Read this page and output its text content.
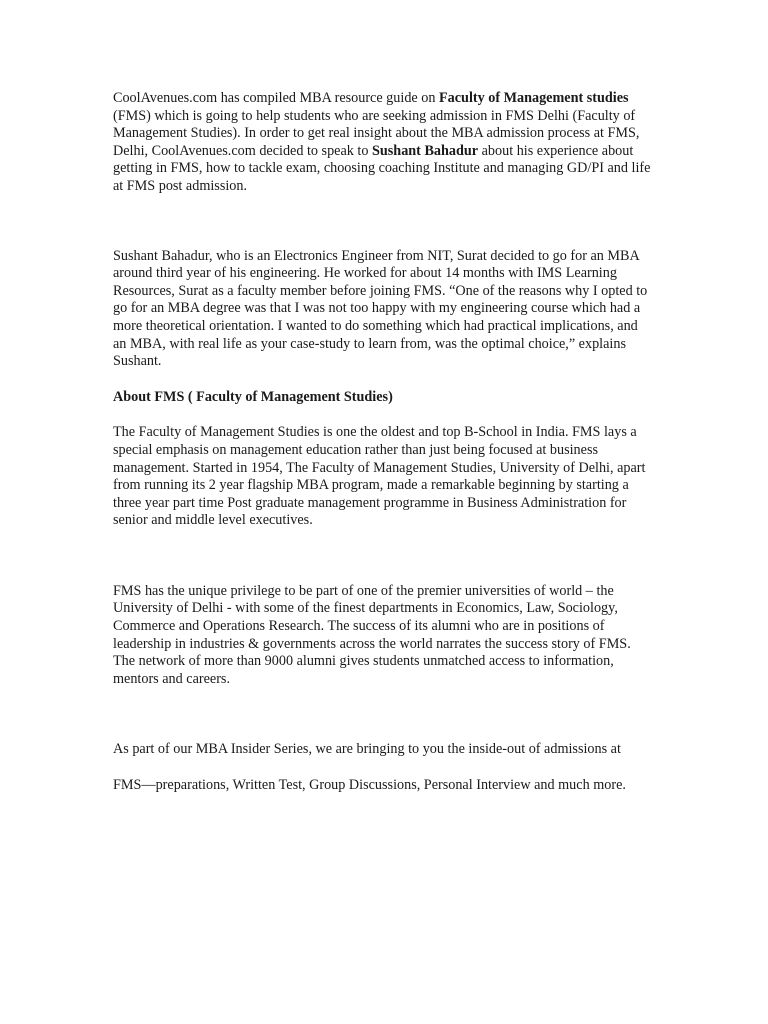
CoolAvenues.com has compiled MBA resource guide on Faculty of Management studies (FMS) which is going to help students who are seeking admission in FMS Delhi (Faculty of Management Studies). In order to get real insight about the MBA admission process at FMS, Delhi, CoolAvenues.com decided to speak to Sushant Bahadur about his experience about getting in FMS, how to tackle exam, choosing coaching Institute and managing GD/PI and life at FMS post admission.

Sushant Bahadur, who is an Electronics Engineer from NIT, Surat decided to go for an MBA around third year of his engineering. He worked for about 14 months with IMS Learning Resources, Surat as a faculty member before joining FMS. “One of the reasons why I opted to go for an MBA degree was that I was not too happy with my engineering course which had a more theoretical orientation. I wanted to do something which had practical implications, and an MBA, with real life as your case-study to learn from, was the optimal choice,” explains Sushant.

About FMS ( Faculty of Management Studies)

The Faculty of Management Studies is one the oldest and top B-School in India. FMS lays a special emphasis on management education rather than just being focused at business management. Started in 1954, The Faculty of Management Studies, University of Delhi, apart from running its 2 year flagship MBA program, made a remarkable beginning by starting a three year part time Post graduate management programme in Business Administration for senior and middle level executives.

FMS has the unique privilege to be part of one of the premier universities of world – the University of Delhi - with some of the finest departments in Economics, Law, Sociology, Commerce and Operations Research. The success of its alumni who are in positions of leadership in industries & governments across the world narrates the success story of FMS. The network of more than 9000 alumni gives students unmatched access to information, mentors and careers.

As part of our MBA Insider Series, we are bringing to you the inside-out of admissions at

FMS—preparations, Written Test, Group Discussions, Personal Interview and much more.
